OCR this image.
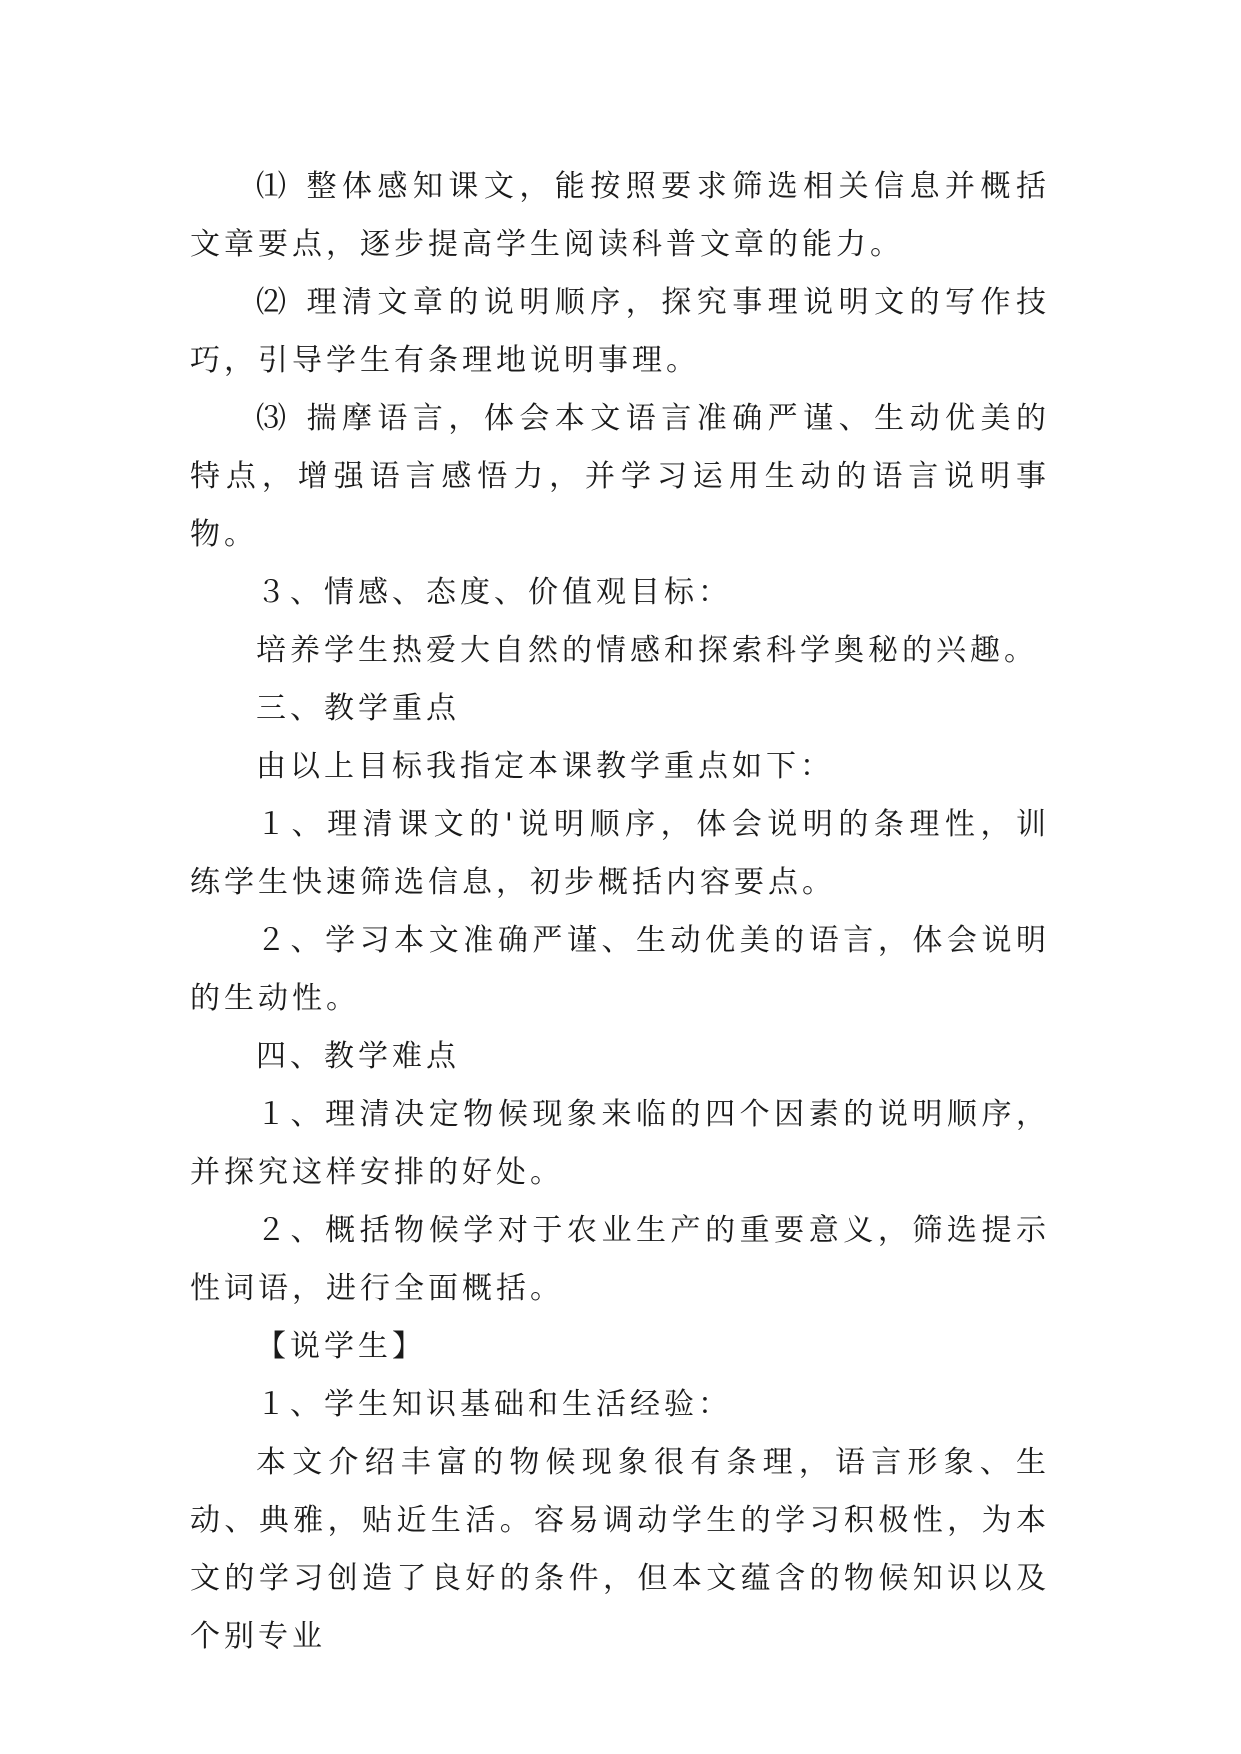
⑴ 整体感知课文，能按照要求筛选相关信息并概括文章要点，逐步提高学生阅读科普文章的能力。

⑵ 理清文章的说明顺序，探究事理说明文的写作技巧，引导学生有条理地说明事理。

⑶ 揣摩语言，体会本文语言准确严谨、生动优美的特点，增强语言感悟力，并学习运用生动的语言说明事物。

３、情感、态度、价值观目标：

培养学生热爱大自然的情感和探索科学奥秘的兴趣。

三、教学重点

由以上目标我指定本课教学重点如下：

１、理清课文的'说明顺序，体会说明的条理性，训练学生快速筛选信息，初步概括内容要点。

２、学习本文准确严谨、生动优美的语言，体会说明的生动性。

四、教学难点

１、理清决定物候现象来临的四个因素的说明顺序，并探究这样安排的好处。

２、概括物候学对于农业生产的重要意义，筛选提示性词语，进行全面概括。

【说学生】

１、学生知识基础和生活经验：

本文介绍丰富的物候现象很有条理，语言形象、生动、典雅，贴近生活。容易调动学生的学习积极性，为本文的学习创造了良好的条件，但本文蕴含的物候知识以及个别专业
